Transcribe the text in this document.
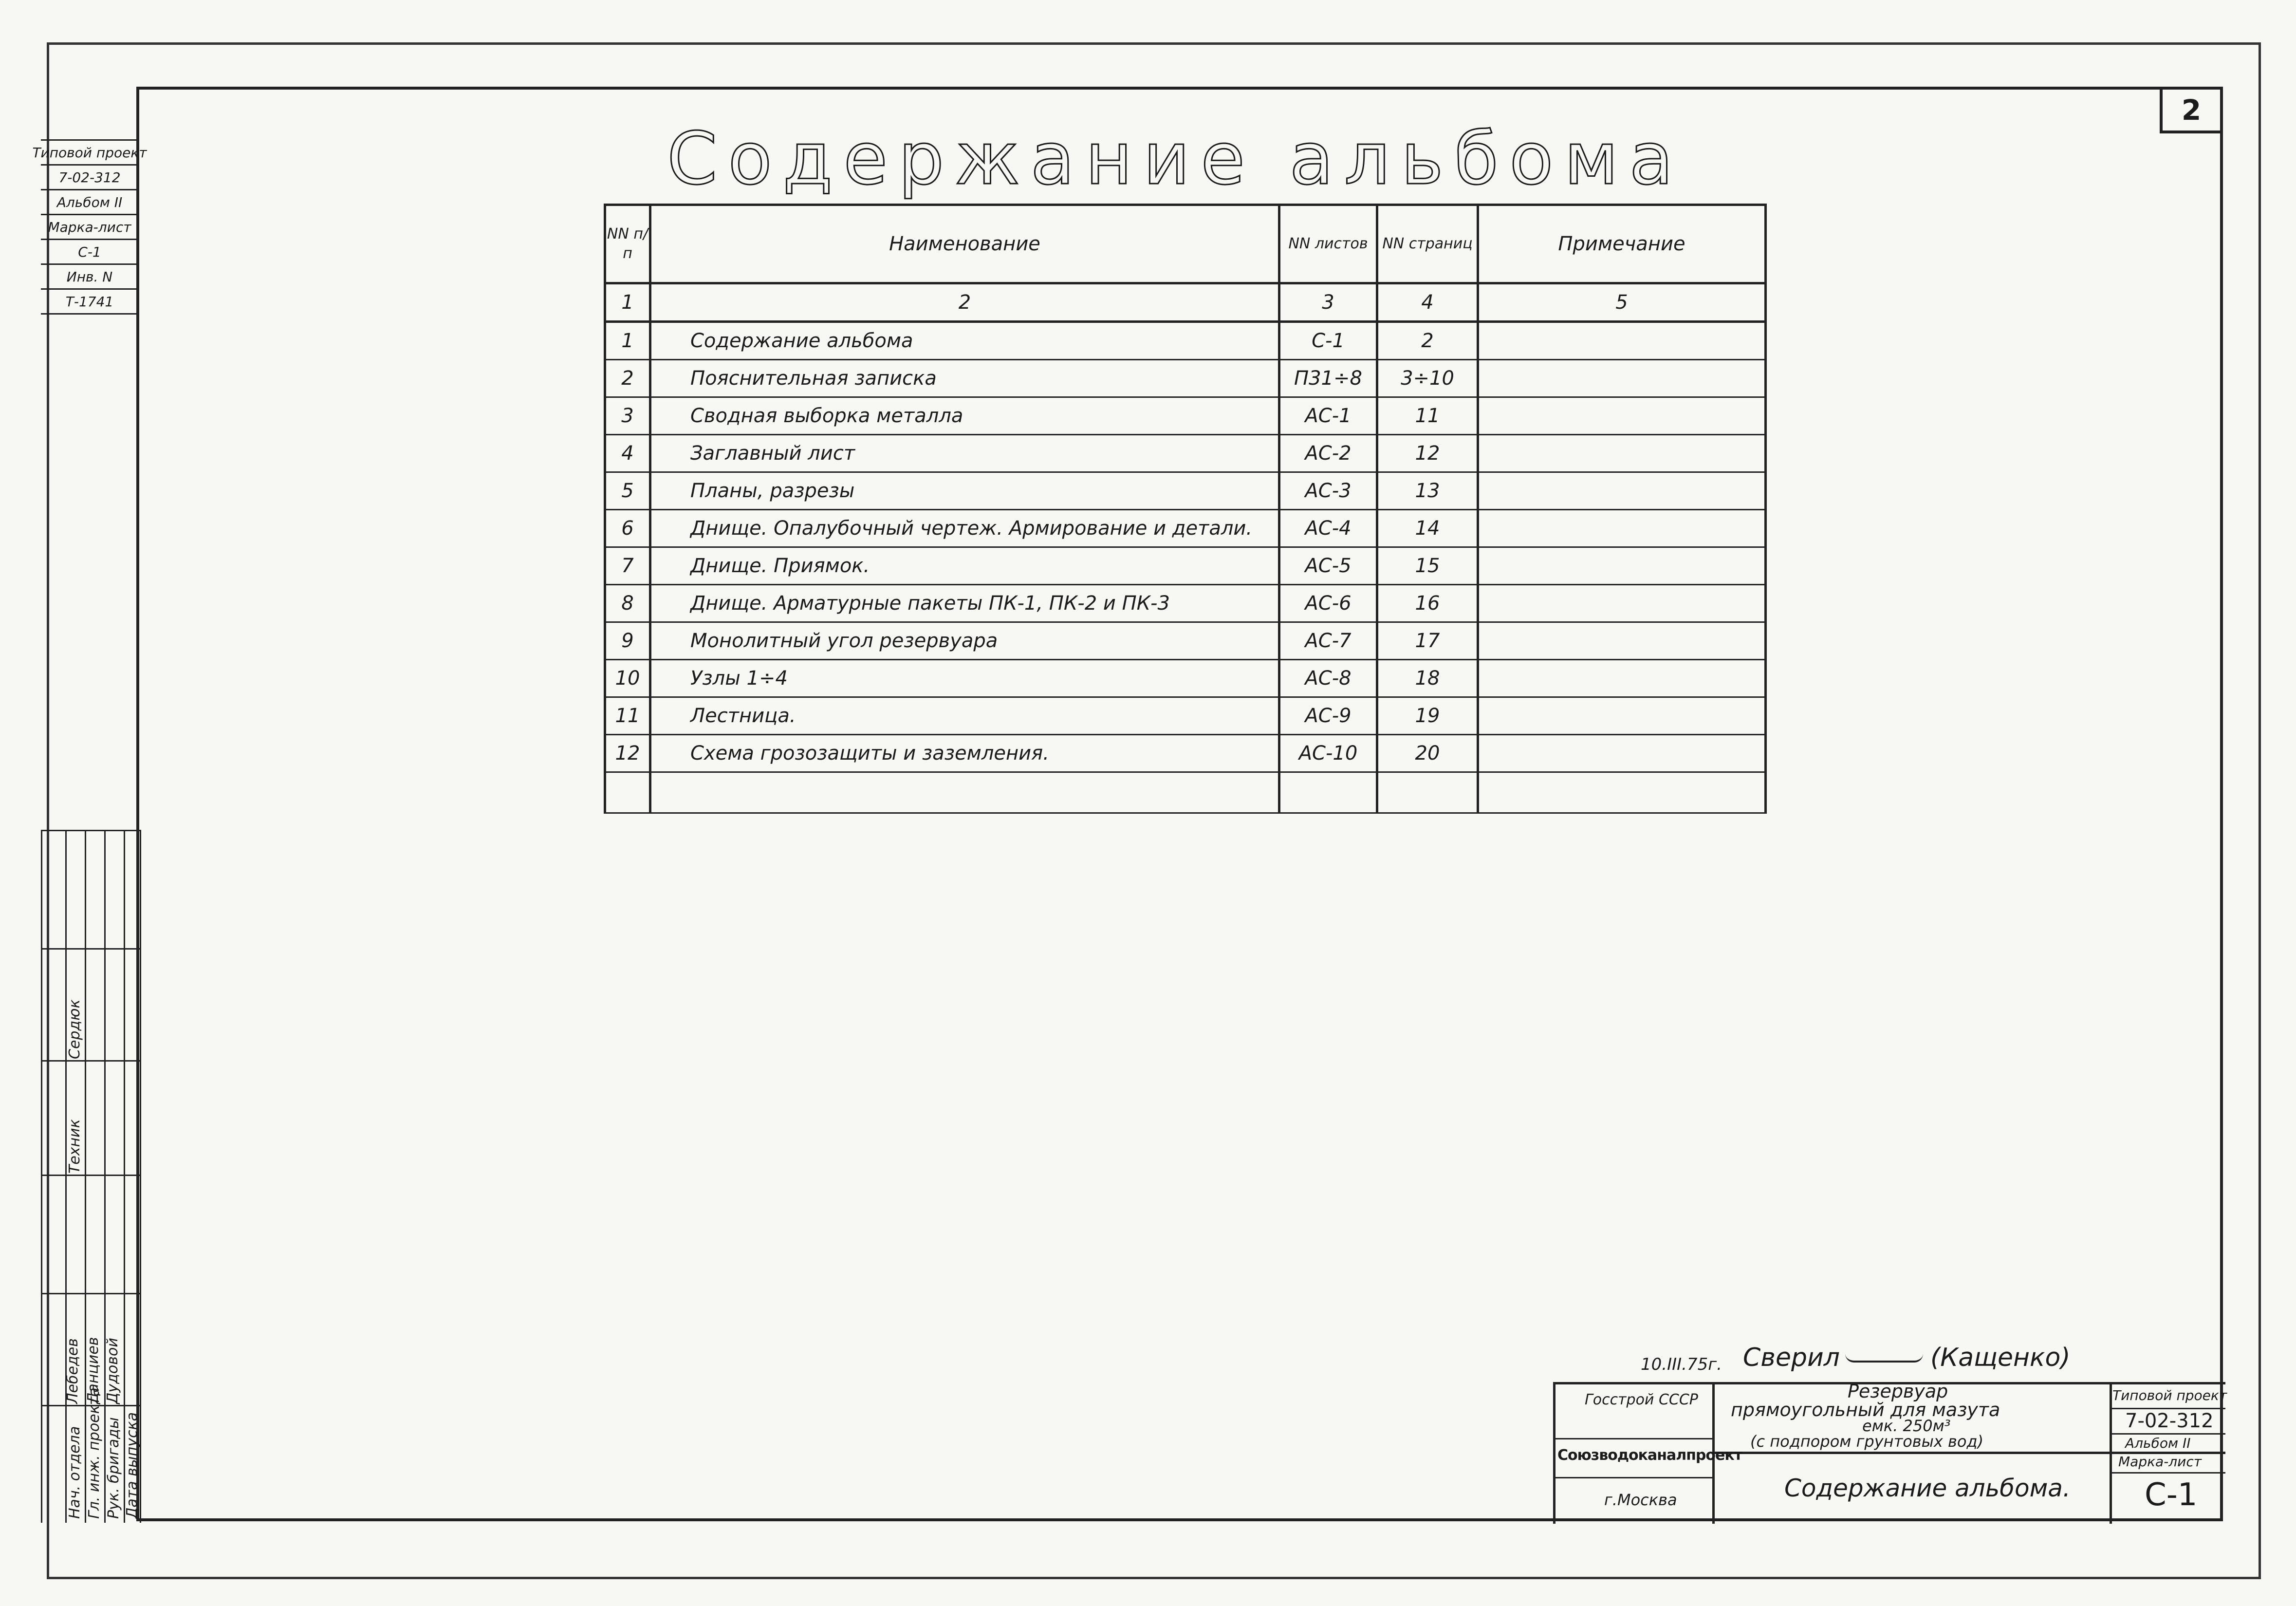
2
Содержание альбома
Типовой проект
7-02-312
Альбом II
Марка-лист
С-1
Инв. N
Т-1741
NN п/п	Наименование	NN листов	NN страниц	Примечание
1	2	3	4	5
1	Содержание альбома	С-1	2	
2	Пояснительная записка	П31÷8	3÷10	
3	Сводная выборка металла	АС-1	11	
4	Заглавный лист	АС-2	12	
5	Планы, разрезы	АС-3	13	
6	Днище. Опалубочный чертеж. Армирование и детали.	АС-4	14	
7	Днище. Приямок.	АС-5	15	
8	Днище. Арматурные пакеты ПК-1, ПК-2 и ПК-3	АС-6	16	
9	Монолитный угол резервуара	АС-7	17	
10	Узлы 1÷4	АС-8	18	
11	Лестница.	АС-9	19	
12	Схема грозозащиты и заземления.	АС-10	20	

Сердюк
Техник
Лебедев Данциев Дудовой
Нач. отдела Гл. инж. проекта Рук. бригады Дата выпуска
10.III.75г. Сверил	(Кащенко)
Госстрой СССР
Союзводоканалпроект
г.Москва
Резервуар
прямоугольный для мазута
емк. 250м³
(с подпором грунтовых вод)
Содержание альбома.
Типовой проект
7-02-312
Альбом II
Марка-лист
С-1
